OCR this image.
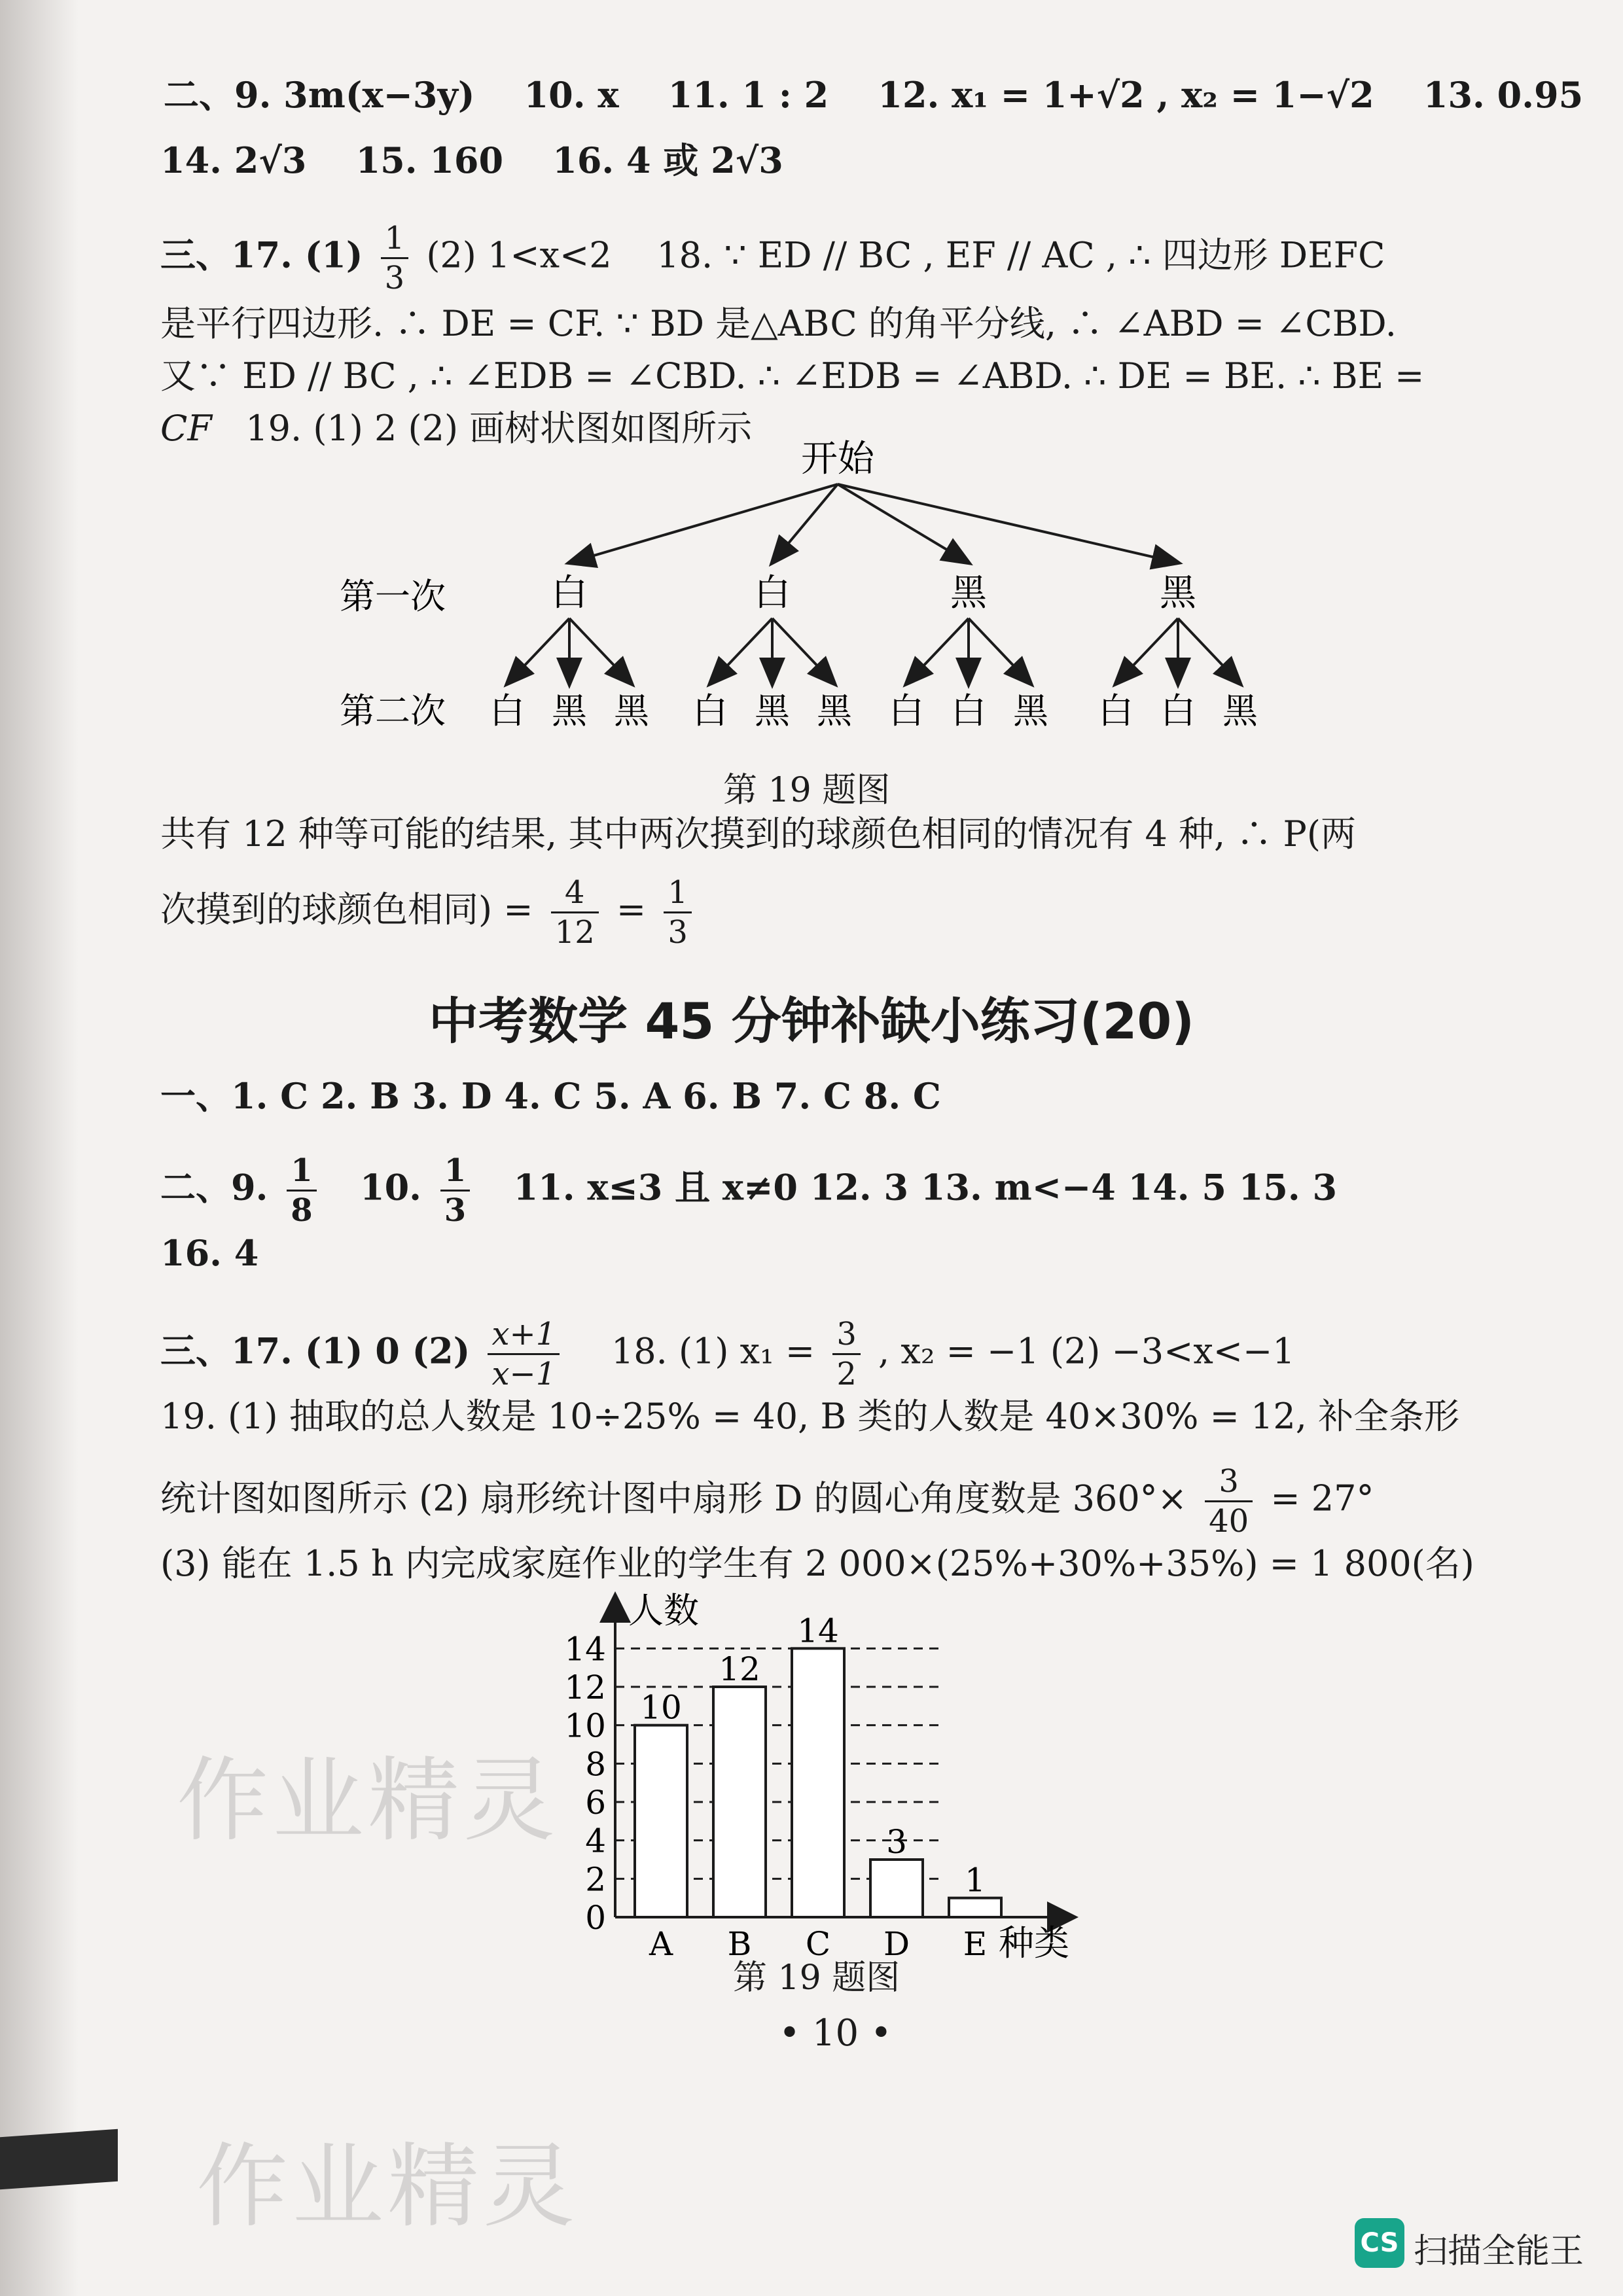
二、9. 3m(x−3y) 10. x 11. 1 : 2 12. x₁ = 1+√2 , x₂ = 1−√2 13. 0.95
14. 2√3 15. 160 16. 4 或 2√3
三、17. $(1) \frac{1}{3} (2)$ 1<x<2 18. ∵ ED // BC , EF // AC , ∴ 四边形 DEFC
是平行四边形. ∴ DE = CF. ∵ BD 是△ABC 的角平分线, ∴ ∠ABD = ∠CBD.
又∵ ED // BC , ∴ ∠EDB = ∠CBD. ∴ ∠EDB = ∠ABD. ∴ DE = BE. ∴ BE =
CF 19. (1) 2 (2) 画树状图如图所示
开始
第一次
第二次
白
白 黑 黑
白
白 黑 黑
黑
白 白 黑
黑
白 白 黑
第 19 题图
共有 12 种等可能的结果, 其中两次摸到的球颜色相同的情况有 4 种, ∴ P(两
次摸到的球颜色相同) = $\frac{4}{12} = \frac{1}{3}$
中考数学 45 分钟补缺小练习(20)
一、1. C 2. B 3. D 4. C 5. A 6. B 7. C 8. C
二、9. $\frac{1}{8} 10$. $\frac{1}{3} 11$. x≤3 且 x≠0 12. 3 13. m<−4 14. 5 15. 3
16. 4
三、17. (1) 0 $(2) \frac{x+1}{x-1} 18$. (1) $x_1 = \frac{3}{2}$ , x₂ = −1 (2) −3<x<−1
19. (1) 抽取的总人数是 10÷25% = 40, B 类的人数是 40×30% = 12, 补全条形
统计图如图所示 (2) 扇形统计图中扇形 D 的圆心角度数是 $360^\circ\times \frac{3}{40} = 27^\circ$
(3) 能在 1.5 h 内完成家庭作业的学生有 2 000×(25%+30%+35%) = 1 800(名)
0
2
4
6
8
10
12
14
人数
10
A
12
B
14
C
3
D
1
E 种类
第 19 题图
• 10 •
作业精灵
作业精灵
CS 扫描全能王
